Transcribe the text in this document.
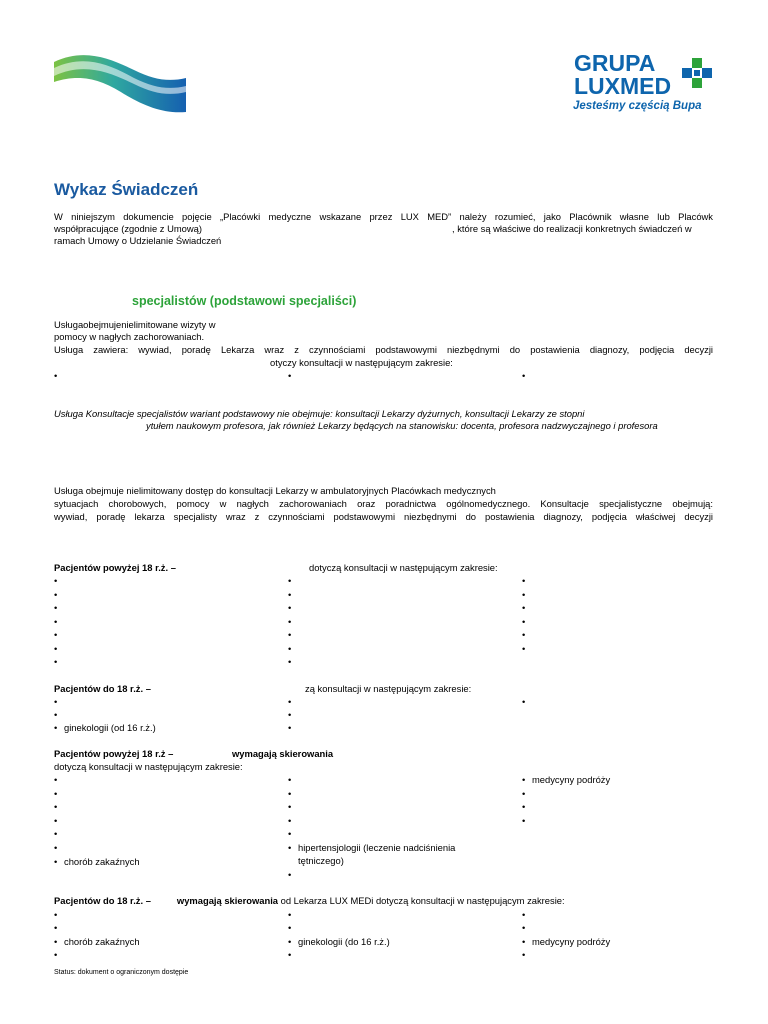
GRUPA
LUXMED
Jesteśmy częścią Bupa
Wykaz Świadczeń
W niniejszym dokumencie pojęcie „Placówki medyczne wskazane przez LUX MED” należy rozumieć, jako Placównik własne lub Placówk
współpracujące (zgodnie z Umową)	, które są właściwe do realizacji konkretnych świadczeń w
ramach Umowy o Udzielanie Świadczeń
specjalistów (podstawowi specjaliści)
Usługaobejmujenielimitowane wizyty w
pomocy w nagłych zachorowaniach.
Usługa zawiera: wywiad, poradę Lekarza wraz z czynnościami podstawowymi niezbędnymi do postawienia diagnozy, podjęcia decyzji
otyczy konsultacji w następującym zakresie:
•
•
•
Usługa Konsultacje specjalistów wariant podstawowy nie obejmuje: konsultacji Lekarzy dyżurnych, konsultacji Lekarzy ze stopni
ytułem naukowym profesora, jak również Lekarzy będących na stanowisku: docenta, profesora nadzwyczajnego i profesora
Usługa obejmuje nielimitowany dostęp do konsultacji Lekarzy w ambulatoryjnych Placówkach medycznych
sytuacjach chorobowych, pomocy w nagłych zachorowaniach oraz poradnictwa ogólnomedycznego. Konsultacje specjalistyczne obejmują:
wywiad, poradę lekarza specjalisty wraz z czynnościami podstawowymi niezbędnymi do postawienia diagnozy, podjęcia właściwej decyzji
Pacjentów powyżej 18 r.ż. –	dotyczą konsultacji w następującym zakresie:
•
•
•
•
•
•
•
•
•
•
•
•
•
•
•
•
•
•
•
•
Pacjentów do 18 r.ż. –	zą konsultacji w następującym zakresie:
•
•
• ginekologii (od 16 r.ż.)
•
•
•
•
Pacjentów powyżej 18 r.ż –	wymagają skierowania
dotyczą konsultacji w następującym zakresie:
•
•
•
•
•
•
• chorób zakaźnych
•
•
•
•
•
• hipertensjologii (leczenie nadciśnienia
tętniczego)
•
• medycyny podróży
•
•
•
Pacjentów do 18 r.ż. –	wymagają skierowania od Lekarza LUX MEDi dotyczą konsultacji w następującym zakresie:
•
•
• chorób zakaźnych
•
•
•	• ginekologii (do 16 r.ż.)
•
•
•	• medycyny podróży
•
Status: dokument o ograniczonym dostępie
